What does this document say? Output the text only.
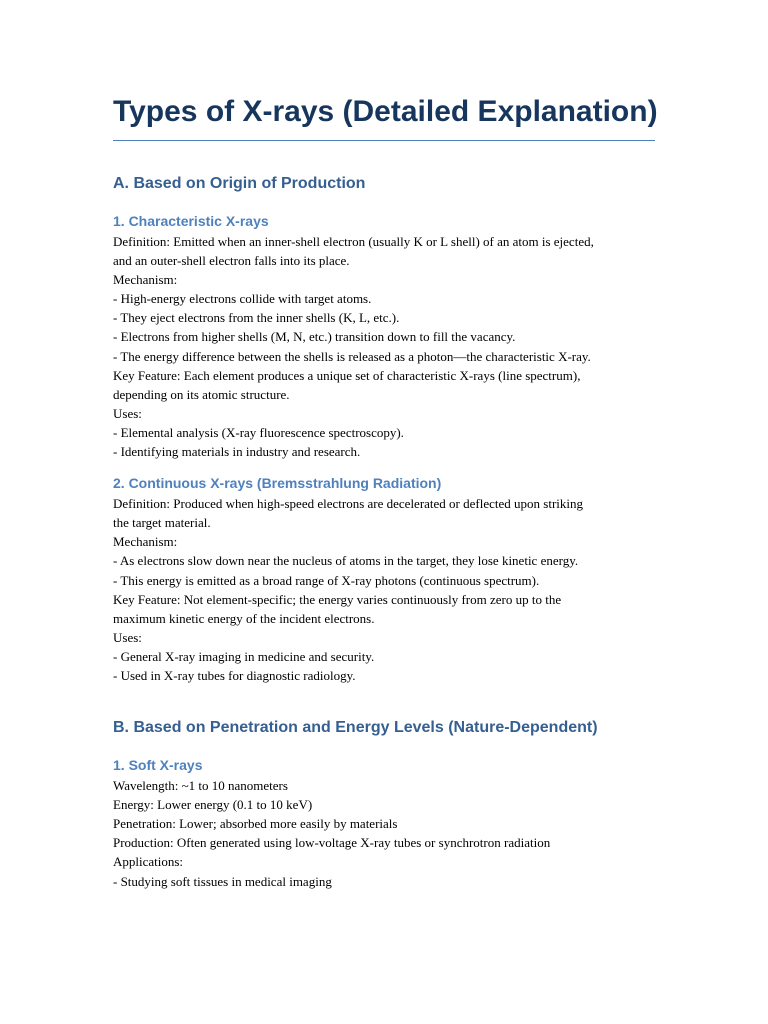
Types of X-rays (Detailed Explanation)
A. Based on Origin of Production
1. Characteristic X-rays
Definition: Emitted when an inner-shell electron (usually K or L shell) of an atom is ejected,
and an outer-shell electron falls into its place.
Mechanism:
- High-energy electrons collide with target atoms.
- They eject electrons from the inner shells (K, L, etc.).
- Electrons from higher shells (M, N, etc.) transition down to fill the vacancy.
- The energy difference between the shells is released as a photon—the characteristic X-ray.
Key Feature: Each element produces a unique set of characteristic X-rays (line spectrum),
depending on its atomic structure.
Uses:
- Elemental analysis (X-ray fluorescence spectroscopy).
- Identifying materials in industry and research.
2. Continuous X-rays (Bremsstrahlung Radiation)
Definition: Produced when high-speed electrons are decelerated or deflected upon striking
the target material.
Mechanism:
- As electrons slow down near the nucleus of atoms in the target, they lose kinetic energy.
- This energy is emitted as a broad range of X-ray photons (continuous spectrum).
Key Feature: Not element-specific; the energy varies continuously from zero up to the
maximum kinetic energy of the incident electrons.
Uses:
- General X-ray imaging in medicine and security.
- Used in X-ray tubes for diagnostic radiology.
B. Based on Penetration and Energy Levels (Nature-Dependent)
1. Soft X-rays
Wavelength: ~1 to 10 nanometers
Energy: Lower energy (0.1 to 10 keV)
Penetration: Lower; absorbed more easily by materials
Production: Often generated using low-voltage X-ray tubes or synchrotron radiation
Applications:
- Studying soft tissues in medical imaging
